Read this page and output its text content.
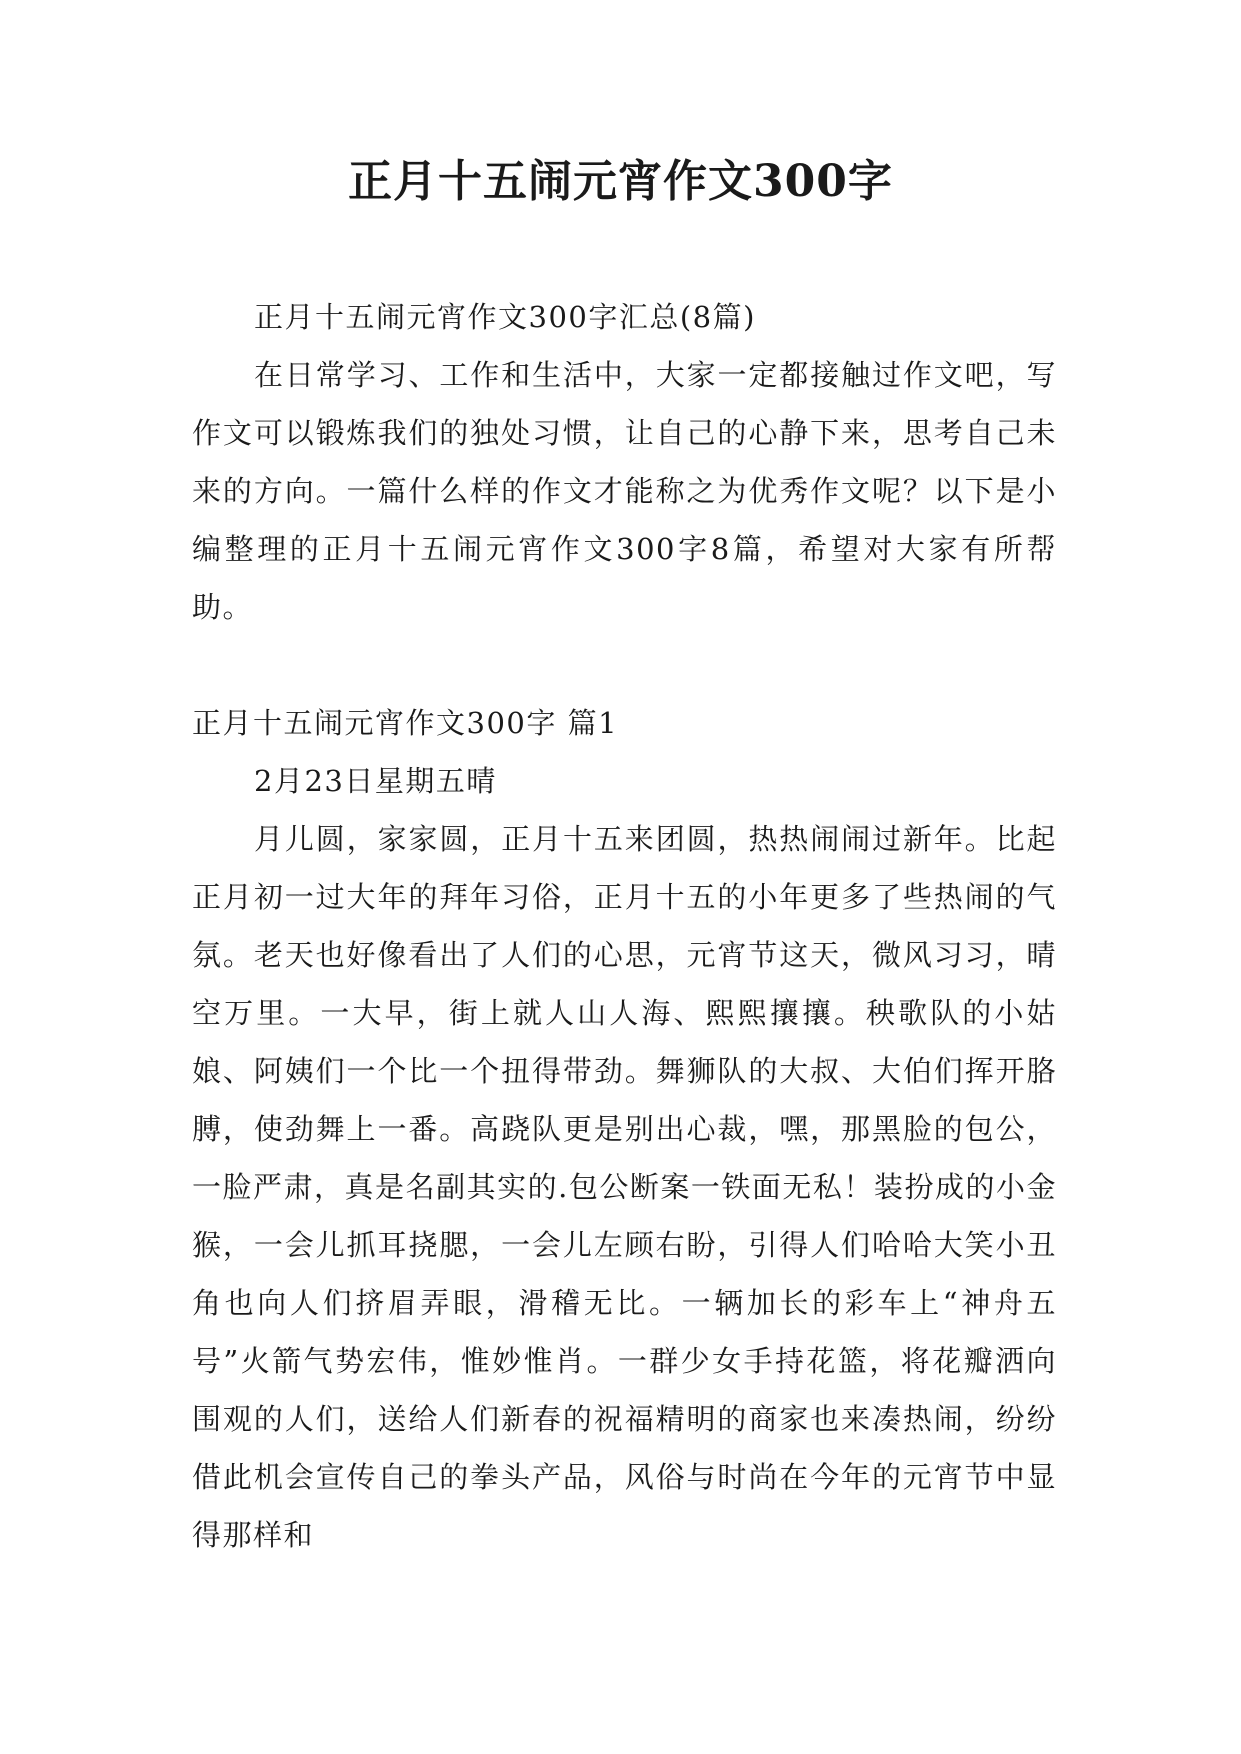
正月十五闹元宵作文300字

正月十五闹元宵作文300字汇总(8篇)

在日常学习、工作和生活中，大家一定都接触过作文吧，写作文可以锻炼我们的独处习惯，让自己的心静下来，思考自己未来的方向。一篇什么样的作文才能称之为优秀作文呢？以下是小编整理的正月十五闹元宵作文300字8篇，希望对大家有所帮助。

正月十五闹元宵作文300字 篇1

2月23日星期五晴

月儿圆，家家圆，正月十五来团圆，热热闹闹过新年。比起正月初一过大年的拜年习俗，正月十五的小年更多了些热闹的气氛。老天也好像看出了人们的心思，元宵节这天，微风习习，晴空万里。一大早，街上就人山人海、熙熙攘攘。秧歌队的小姑娘、阿姨们一个比一个扭得带劲。舞狮队的大叔、大伯们挥开胳膊，使劲舞上一番。高跷队更是别出心裁，嘿，那黑脸的包公，一脸严肃，真是名副其实的.包公断案一铁面无私！装扮成的小金猴，一会儿抓耳挠腮，一会儿左顾右盼，引得人们哈哈大笑小丑角也向人们挤眉弄眼，滑稽无比。一辆加长的彩车上“神舟五号”火箭气势宏伟，惟妙惟肖。一群少女手持花篮，将花瓣洒向围观的人们，送给人们新春的祝福精明的商家也来凑热闹，纷纷借此机会宣传自己的拳头产品，风俗与时尚在今年的元宵节中显得那样和
